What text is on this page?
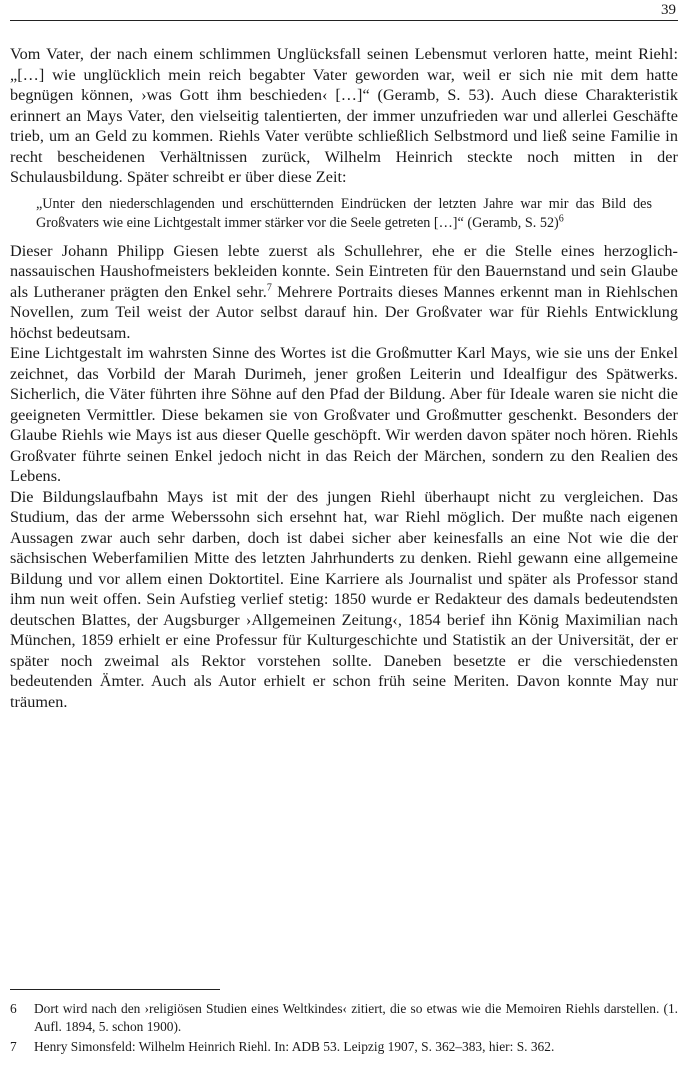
39

Vom Vater, der nach einem schlimmen Unglücksfall seinen Lebensmut verloren hatte, meint Riehl: „[…] wie unglücklich mein reich begabter Vater geworden war, weil er sich nie mit dem hatte begnügen können, ›was Gott ihm beschieden‹ […]“ (Geramb, S. 53). Auch diese Charakteristik erinnert an Mays Vater, den vielseitig talentierten, der immer unzufrieden war und allerlei Geschäfte trieb, um an Geld zu kommen. Riehls Vater verübte schließlich Selbstmord und ließ seine Familie in recht bescheidenen Verhältnissen zurück, Wilhelm Heinrich steckte noch mitten in der Schulausbildung. Später schreibt er über diese Zeit:

„Unter den niederschlagenden und erschütternden Eindrücken der letzten Jahre war mir das Bild des Großvaters wie eine Lichtgestalt immer stärker vor die Seele getreten […]“ (Geramb, S. 52)$^6$

Dieser Johann Philipp Giesen lebte zuerst als Schullehrer, ehe er die Stelle eines herzoglich-nassauischen Haushofmeisters bekleiden konnte. Sein Eintreten für den Bauernstand und sein Glaube als Lutheraner prägten den Enkel sehr.$^7$ Mehrere Portraits dieses Mannes erkennt man in Riehlschen Novellen, zum Teil weist der Autor selbst darauf hin. Der Großvater war für Riehls Entwicklung höchst bedeutsam.

Eine Lichtgestalt im wahrsten Sinne des Wortes ist die Großmutter Karl Mays, wie sie uns der Enkel zeichnet, das Vorbild der Marah Durimeh, jener großen Leiterin und Idealfigur des Spätwerks. Sicherlich, die Väter führten ihre Söhne auf den Pfad der Bildung. Aber für Ideale waren sie nicht die geeigneten Vermittler. Diese bekamen sie von Großvater und Großmutter geschenkt. Besonders der Glaube Riehls wie Mays ist aus dieser Quelle geschöpft. Wir werden davon später noch hören. Riehls Großvater führte seinen Enkel jedoch nicht in das Reich der Märchen, sondern zu den Realien des Lebens.

Die Bildungslaufbahn Mays ist mit der des jungen Riehl überhaupt nicht zu vergleichen. Das Studium, das der arme Weberssohn sich ersehnt hat, war Riehl möglich. Der mußte nach eigenen Aussagen zwar auch sehr darben, doch ist dabei sicher aber keinesfalls an eine Not wie die der sächsischen Weberfamilien Mitte des letzten Jahrhunderts zu denken. Riehl gewann eine allgemeine Bildung und vor allem einen Doktortitel. Eine Karriere als Journalist und später als Professor stand ihm nun weit offen. Sein Aufstieg verlief stetig: 1850 wurde er Redakteur des damals bedeutendsten deutschen Blattes, der Augsburger ›Allgemeinen Zeitung‹, 1854 berief ihn König Maximilian nach München, 1859 erhielt er eine Professur für Kulturgeschichte und Statistik an der Universität, der er später noch zweimal als Rektor vorstehen sollte. Daneben besetzte er die verschiedensten bedeutenden Ämter. Auch als Autor erhielt er schon früh seine Meriten. Davon konnte May nur träumen.

6	Dort wird nach den ›religiösen Studien eines Weltkindes‹ zitiert, die so etwas wie die Memoiren Riehls darstellen. (1. Aufl. 1894, 5. schon 1900).
7	Henry Simonsfeld: Wilhelm Heinrich Riehl. In: ADB 53. Leipzig 1907, S. 362–383, hier: S. 362.
